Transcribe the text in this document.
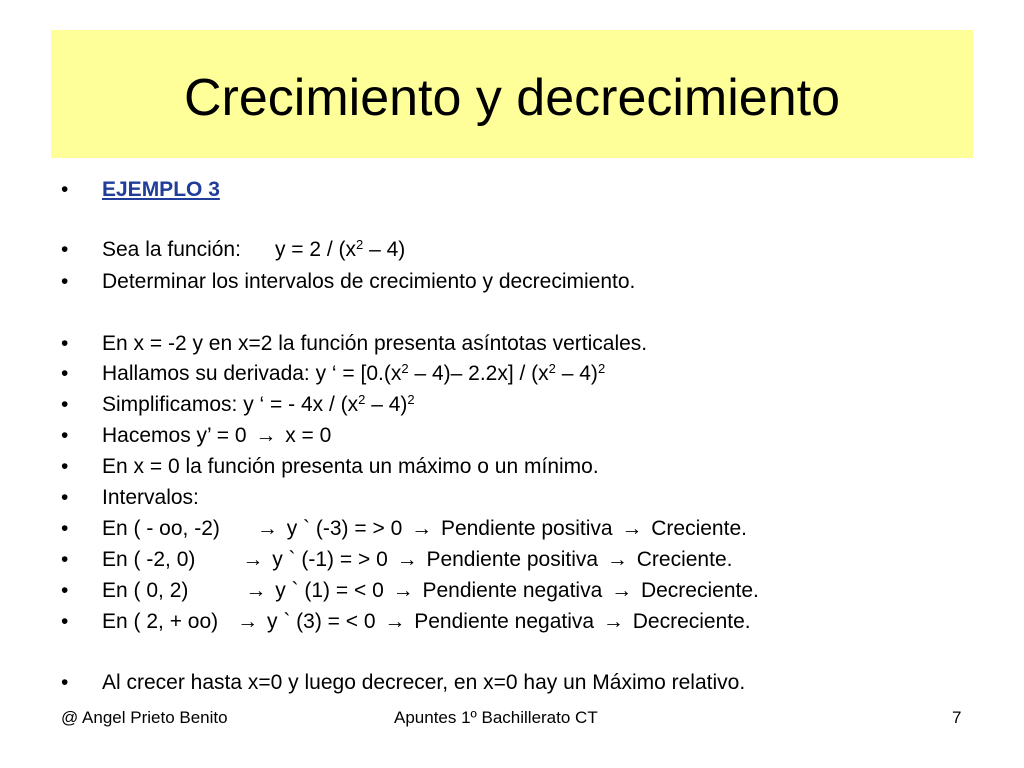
Crecimiento y decrecimiento
•	EJEMPLO 3
•	Sea la función: $y = 2 / (x^2 - 4)$
•	Determinar los intervalos de crecimiento y decrecimiento.
•	En x = -2 y en x=2 la función presenta asíntotas verticales.
•	Hallamos su derivada: y ‘ = [$0.(x^2 - 4)-$ $2.2x] / (x^2 - 4)^2$
•	Simplificamos: y ‘ = - $4x / (x^2 - 4)^2$
•	Hacemos y’ = 0 → x = 0
•	En x = 0 la función presenta un máximo o un mínimo.
•	Intervalos:
•	En ( - oo, -2) → y ` (-3) = > 0 → Pendiente positiva → Creciente.
•	En ( -2, 0) → y ` (-1) = > 0 → Pendiente positiva → Creciente.
•	En ( 0, 2)	→ y ` (1) = < 0 → Pendiente negativa → Decreciente.
•	En ( 2, + oo) → y ` (3) = < 0 → Pendiente negativa → Decreciente.
•	Al crecer hasta x=0 y luego decrecer, en x=0 hay un Máximo relativo.
@ Angel Prieto Benito	Apuntes 1º Bachillerato CT	7
